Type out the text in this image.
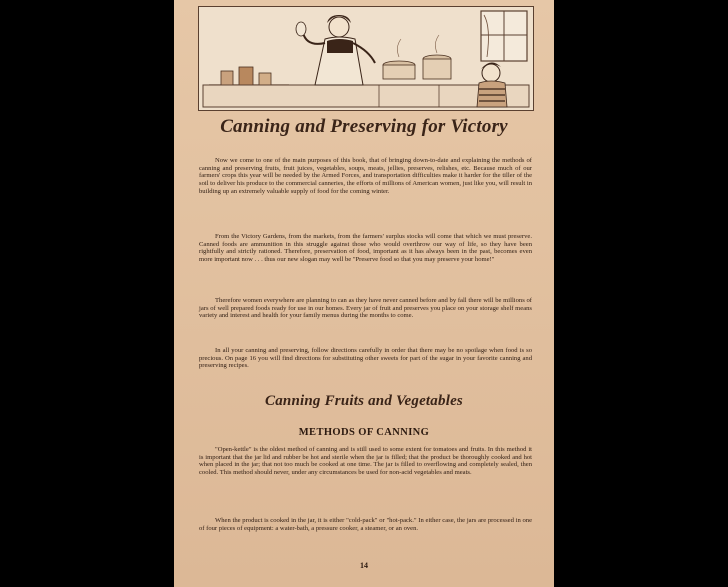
Canning and Preserving for Victory

Now we come to one of the main purposes of this book, that of bringing down-to-date and explaining the methods of canning and preserving fruits, fruit juices, vegetables, soups, meats, jellies, preserves, relishes, etc. Because much of our farmers' crops this year will be needed by the Armed Forces, and transportation difficulties make it harder for the tiller of the soil to deliver his produce to the commercial canneries, the efforts of millions of American women, just like you, will result in building up an extremely valuable supply of food for the coming winter.

From the Victory Gardens, from the markets, from the farmers' surplus stocks will come that which we must preserve. Canned foods are ammunition in this struggle against those who would overthrow our way of life, so they have been rightfully and strictly rationed. Therefore, preservation of food, important as it has always been in the past, becomes even more important now . . . thus our new slogan may well be "Preserve food so that you may preserve your home!"

Therefore women everywhere are planning to can as they have never canned before and by fall there will be millions of jars of well prepared foods ready for use in our homes. Every jar of fruit and preserves you place on your storage shelf means variety and interest and health for your family menus during the months to come.

In all your canning and preserving, follow directions carefully in order that there may be no spoilage when food is so precious. On page 16 you will find directions for substituting other sweets for part of the sugar in your favorite canning and preserving recipes.

Canning Fruits and Vegetables
METHODS OF CANNING

"Open-kettle" is the oldest method of canning and is still used to some extent for tomatoes and fruits. In this method it is important that the jar lid and rubber be hot and sterile when the jar is filled; that the product be thoroughly cooked and hot when placed in the jar; that not too much be cooked at one time. The jar is filled to overflowing and completely sealed, then cooled. This method should never, under any circumstances be used for non-acid vegetables and meats.

When the product is cooked in the jar, it is either "cold-pack" or "hot-pack." In either case, the jars are processed in one of four pieces of equipment: a water-bath, a pressure cooker, a steamer, or an oven.

14
